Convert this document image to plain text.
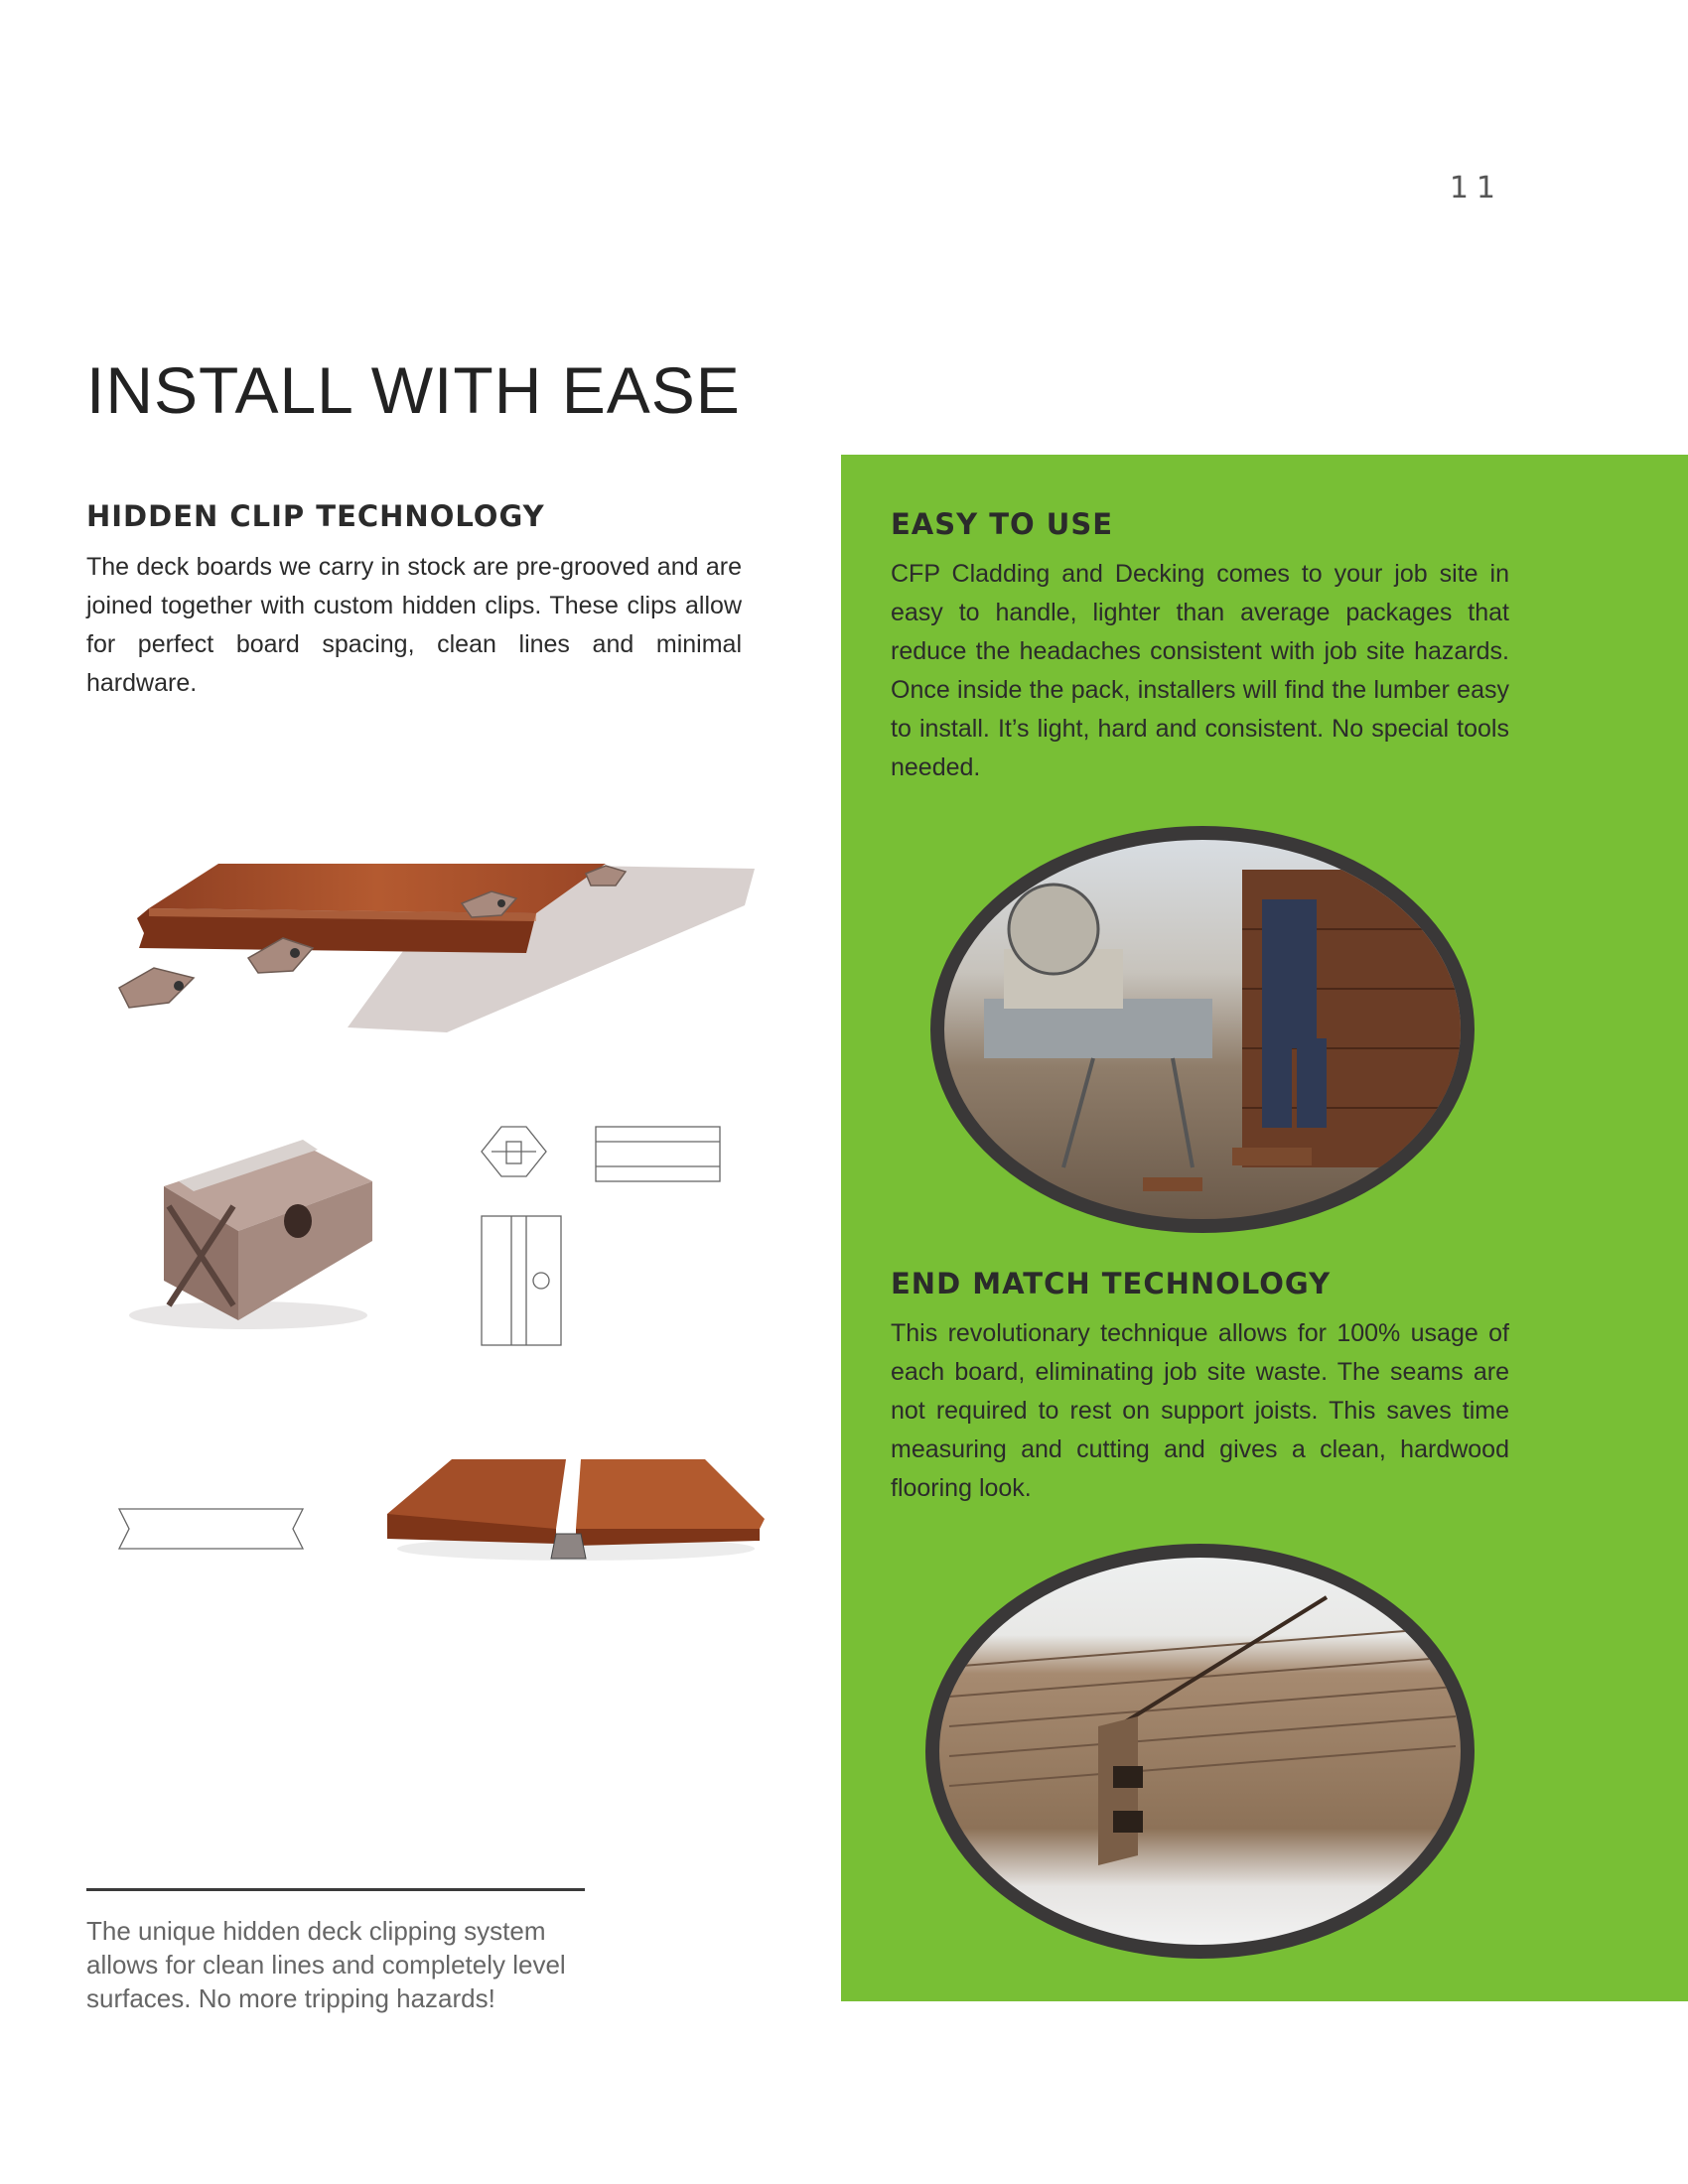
11
INSTALL WITH EASE
HIDDEN CLIP TECHNOLOGY

The deck boards we carry in stock are pre-grooved and are joined together with custom hidden clips. These clips allow for perfect board spacing, clean lines and minimal hardware.

The unique hidden deck clipping system allows for clean lines and completely level surfaces. No more tripping hazards!

EASY TO USE

CFP Cladding and Decking comes to your job site in easy to handle, lighter than average packages that reduce the headaches consistent with job site hazards. Once inside the pack, installers will find the lumber easy to install. It’s light, hard and consistent. No special tools needed.

END MATCH TECHNOLOGY

This revolutionary technique allows for 100% usage of each board, eliminating job site waste. The seams are not required to rest on support joists. This saves time measuring and cutting and gives a clean, hardwood flooring look.
